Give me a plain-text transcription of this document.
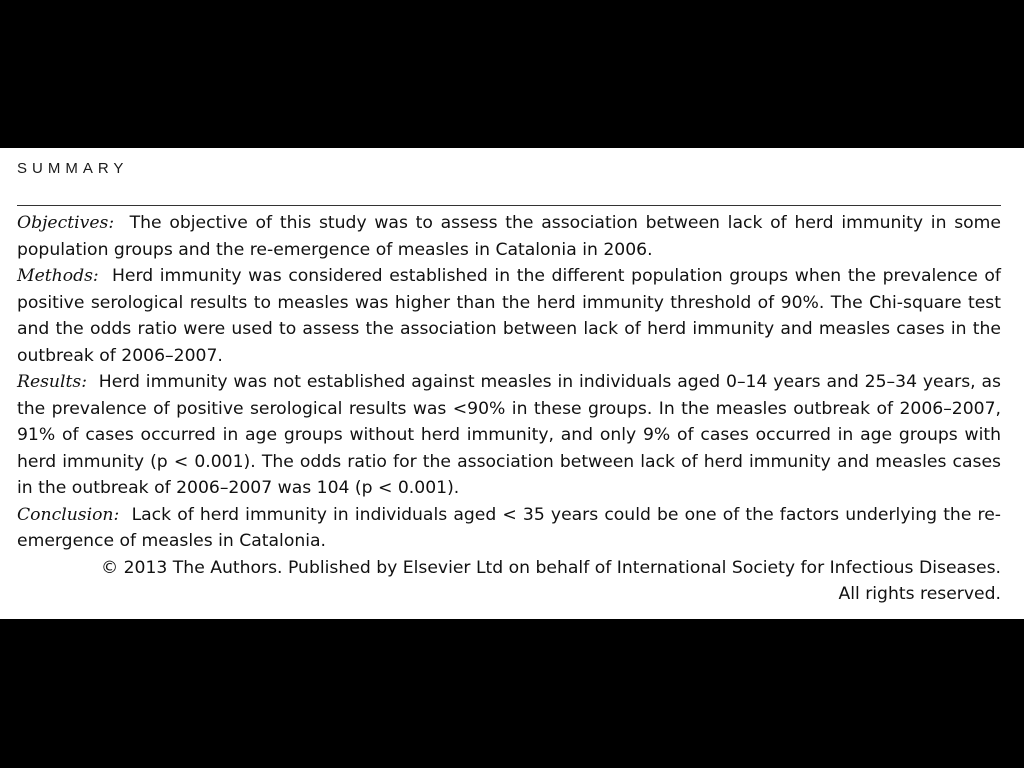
SUMMARY

Objectives: The objective of this study was to assess the association between lack of herd immunity in some population groups and the re-emergence of measles in Catalonia in 2006.

Methods: Herd immunity was considered established in the different population groups when the prevalence of positive serological results to measles was higher than the herd immunity threshold of 90%. The Chi-square test and the odds ratio were used to assess the association between lack of herd immunity and measles cases in the outbreak of 2006–2007.

Results: Herd immunity was not established against measles in individuals aged 0–14 years and 25–34 years, as the prevalence of positive serological results was <90% in these groups. In the measles outbreak of 2006–2007, 91% of cases occurred in age groups without herd immunity, and only 9% of cases occurred in age groups with herd immunity (p < 0.001). The odds ratio for the association between lack of herd immunity and measles cases in the outbreak of 2006–2007 was 104 (p < 0.001).

Conclusion: Lack of herd immunity in individuals aged < 35 years could be one of the factors underlying the re-emergence of measles in Catalonia.

© 2013 The Authors. Published by Elsevier Ltd on behalf of International Society for Infectious Diseases. All rights reserved.
